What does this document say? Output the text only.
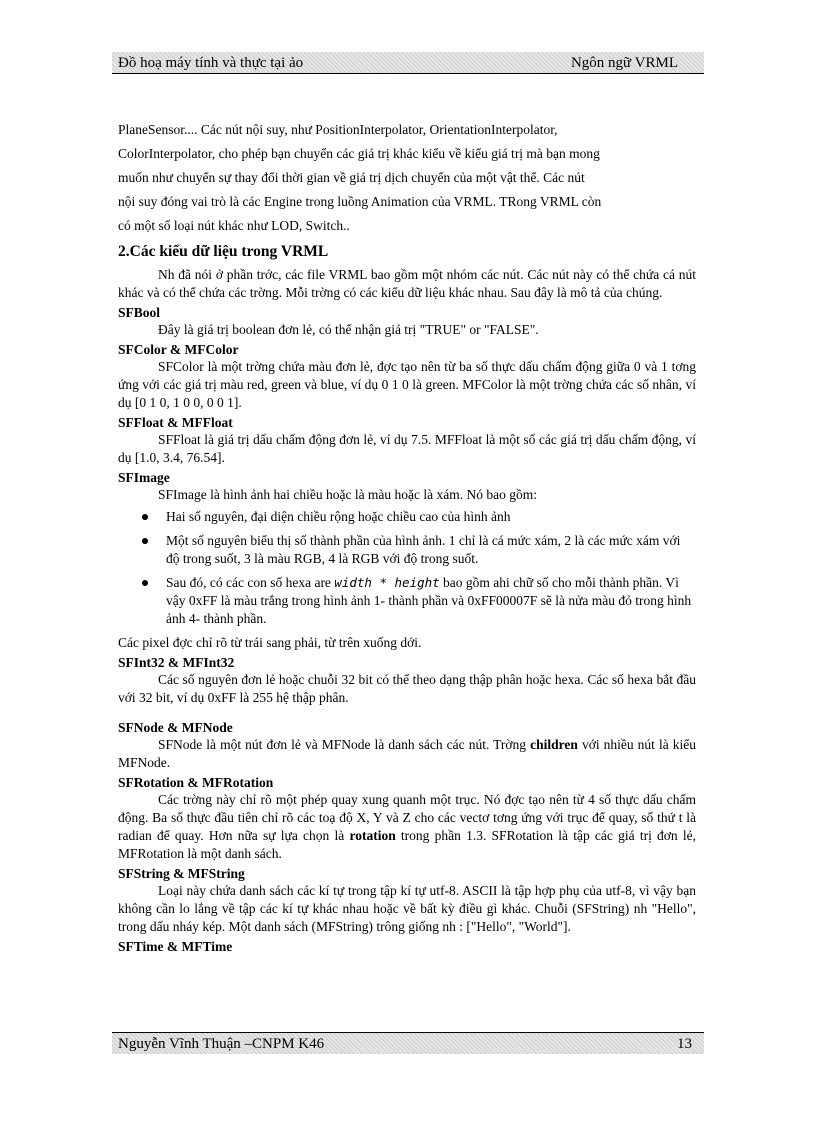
Đồ hoạ máy tính và thực tại ảo	Ngôn ngữ VRML

PlaneSensor.... Các nút nội suy, như PositionInterpolator, OrientationInterpolator,

ColorInterpolator, cho phép bạn chuyển các giá trị khác kiểu về kiểu giá trị mà bạn mong

muốn như chuyển sự thay đổi thời gian về giá trị dịch chuyển của một vật thể. Các nút

nội suy đóng vai trò là các Engine trong luồng Animation của VRML. TRong VRML còn

có một số loại nút khác như LOD, Switch..

2.Các kiểu dữ liệu trong VRML

Nh đã nói ở phần trớc, các file VRML bao gồm một nhóm các nút. Các nút này có thể chứa cá nút khác và có thể chứa các trờng. Mỗi trờng có các kiểu dữ liệu khác nhau. Sau đây là mô tả của chúng.

SFBool

Đây là giá trị boolean đơn lẻ, có thể nhận giá trị "TRUE" or "FALSE".

SFColor & MFColor

SFColor là một trờng chứa màu đơn lẻ, đợc tạo nên từ ba số thực dấu chấm động giữa 0 và 1 tơng ứng với các giá trị màu red, green và blue, ví dụ 0 1 0 là green. MFColor là một trờng chứa các số nhân, ví dụ [0 1 0, 1 0 0, 0 0 1].

SFFloat & MFFloat

SFFloat là giá trị dấu chấm động đơn lẻ, ví dụ 7.5. MFFloat là một số các giá trị dấu chấm động, ví dụ [1.0, 3.4, 76.54].

SFImage

SFImage là hình ảnh hai chiều hoặc là màu hoặc là xám. Nó bao gồm:

Hai số nguyên, đại diện chiều rộng hoặc chiều cao của hình ảnh
Một số nguyên biểu thị số thành phần của hình ảnh. 1 chỉ là cá mức xám, 2 là các mức xám với độ trong suốt, 3 là màu RGB, 4 là RGB với độ trong suốt.
Sau đó, có các con số hexa are width * height bao gồm ahi chữ số cho mỗi thành phần. Vì vậy 0xFF là màu trắng trong hình ảnh 1- thành phần và 0xFF00007F sẽ là nửa màu đỏ trong hình ảnh 4- thành phần.

Các pixel đợc chỉ rõ từ trái sang phải, từ trên xuống dới.

SFInt32 & MFInt32

Các số nguyên đơn lẻ hoặc chuỗi 32 bit có thể theo dạng thập phân hoặc hexa. Các số hexa bắt đầu với 32 bit, ví dụ 0xFF là 255 hệ thập phân.

SFNode & MFNode

SFNode là một nút đơn lẻ và MFNode là danh sách các nút. Trờng children với nhiều nút là kiểu MFNode.

SFRotation & MFRotation

Các trờng này chỉ rõ một phép quay xung quanh một trục. Nó đợc tạo nên từ 4 số thực dấu chấm động. Ba số thực đầu tiên chỉ rõ các toạ độ X, Y và Z cho các vectơ tơng ứng với trục để quay, số thứ t là radian để quay. Hơn nữa sự lựa chọn là rotation trong phần 1.3. SFRotation là tập các giá trị đơn lẻ, MFRotation là một danh sách.

SFString & MFString

Loại này chứa danh sách các kí tự trong tập kí tự utf-8. ASCII là tập hợp phụ của utf-8, vì vậy bạn không cần lo lắng về tập các kí tự khác nhau hoặc về bất kỳ điều gì khác. Chuỗi (SFString) nh "Hello", trong dấu nháy kép. Một danh sách (MFString) trông giống nh : ["Hello", "World"].

SFTime & MFTime
Nguyễn Vĩnh Thuận –CNPM K46	13
